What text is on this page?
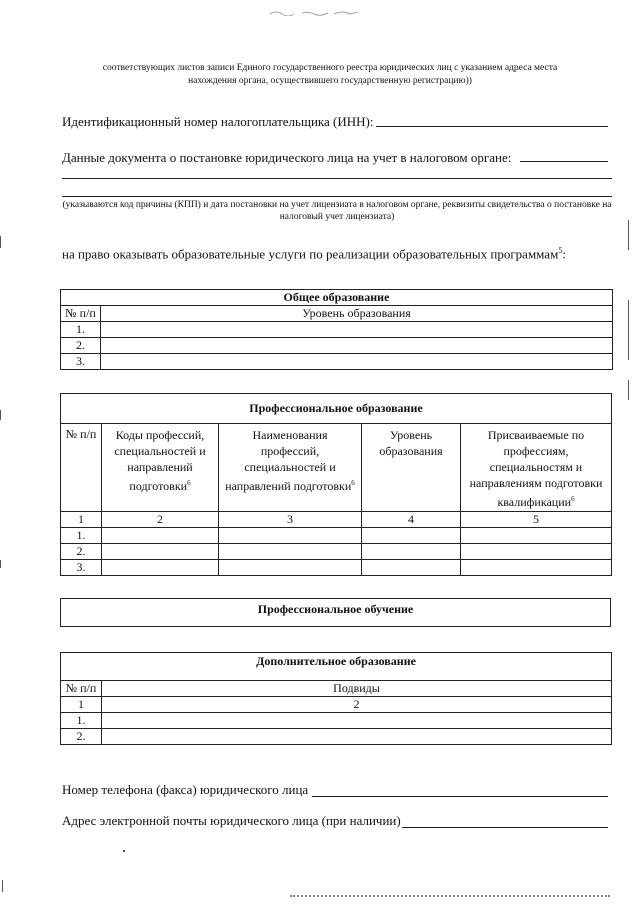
соответствующих листов записи Единого государственного реестра юридических лиц с указанием адреса места нахождения органа, осуществившего государственную регистрацию))
Идентификационный номер налогоплательщика (ИНН):
Данные документа о постановке юридического лица на учет в налоговом органе:
(указываются код причины (КПП) и дата постановки на учет лицензиата в налоговом органе, реквизиты свидетельства о постановке на налоговый учет лицензиата)
на право оказывать образовательные услуги по реализации образовательных программам$^5$:
Общее образование	
№ п/п	Уровень образования
1.	
2.	
3.	
Профессиональное образование				
№ п/п	Коды профессий, специальностей и направлений подготовки$^6$	Наименования профессий, специальностей и направлений подготовки$^6$	Уровень образования	Присваиваемые по профессиям, специальностям и направлениям подготовки квалификации$^6$
1	2	3	4	5
1.				
2.				
3.				
Профессиональное обучение
Дополнительное образование	
№ п/п	Подвиды
1	2
1.	
2.	
Номер телефона (факса) юридического лица
Адрес электронной почты юридического лица (при наличии)
